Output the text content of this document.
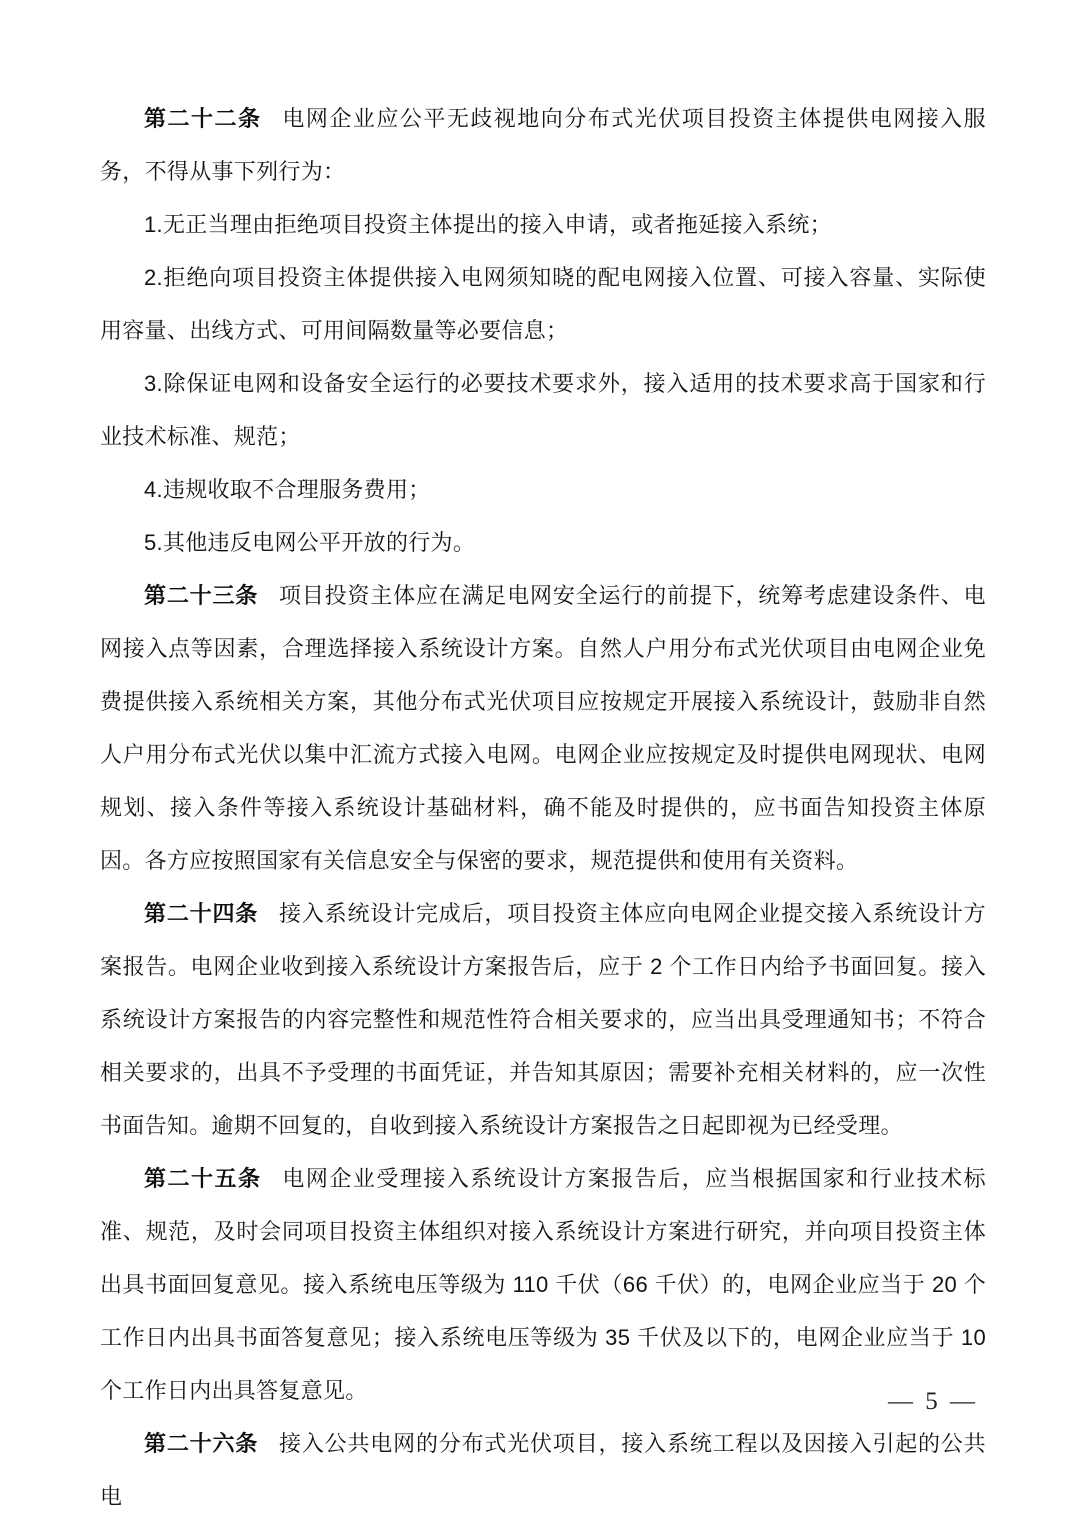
第二十二条 电网企业应公平无歧视地向分布式光伏项目投资主体提供电网接入服务，不得从事下列行为：

1.无正当理由拒绝项目投资主体提出的接入申请，或者拖延接入系统；

2.拒绝向项目投资主体提供接入电网须知晓的配电网接入位置、可接入容量、实际使用容量、出线方式、可用间隔数量等必要信息；

3.除保证电网和设备安全运行的必要技术要求外，接入适用的技术要求高于国家和行业技术标准、规范；

4.违规收取不合理服务费用；

5.其他违反电网公平开放的行为。

第二十三条 项目投资主体应在满足电网安全运行的前提下，统筹考虑建设条件、电网接入点等因素，合理选择接入系统设计方案。自然人户用分布式光伏项目由电网企业免费提供接入系统相关方案，其他分布式光伏项目应按规定开展接入系统设计，鼓励非自然人户用分布式光伏以集中汇流方式接入电网。电网企业应按规定及时提供电网现状、电网规划、接入条件等接入系统设计基础材料，确不能及时提供的，应书面告知投资主体原因。各方应按照国家有关信息安全与保密的要求，规范提供和使用有关资料。

第二十四条 接入系统设计完成后，项目投资主体应向电网企业提交接入系统设计方案报告。电网企业收到接入系统设计方案报告后，应于 2 个工作日内给予书面回复。接入系统设计方案报告的内容完整性和规范性符合相关要求的，应当出具受理通知书；不符合相关要求的，出具不予受理的书面凭证，并告知其原因；需要补充相关材料的，应一次性书面告知。逾期不回复的，自收到接入系统设计方案报告之日起即视为已经受理。

第二十五条 电网企业受理接入系统设计方案报告后，应当根据国家和行业技术标准、规范，及时会同项目投资主体组织对接入系统设计方案进行研究，并向项目投资主体出具书面回复意见。接入系统电压等级为 110 千伏（66 千伏）的，电网企业应当于 20 个工作日内出具书面答复意见；接入系统电压等级为 35 千伏及以下的，电网企业应当于 10 个工作日内出具答复意见。

第二十六条 接入公共电网的分布式光伏项目，接入系统工程以及因接入引起的公共电

— 5 —
